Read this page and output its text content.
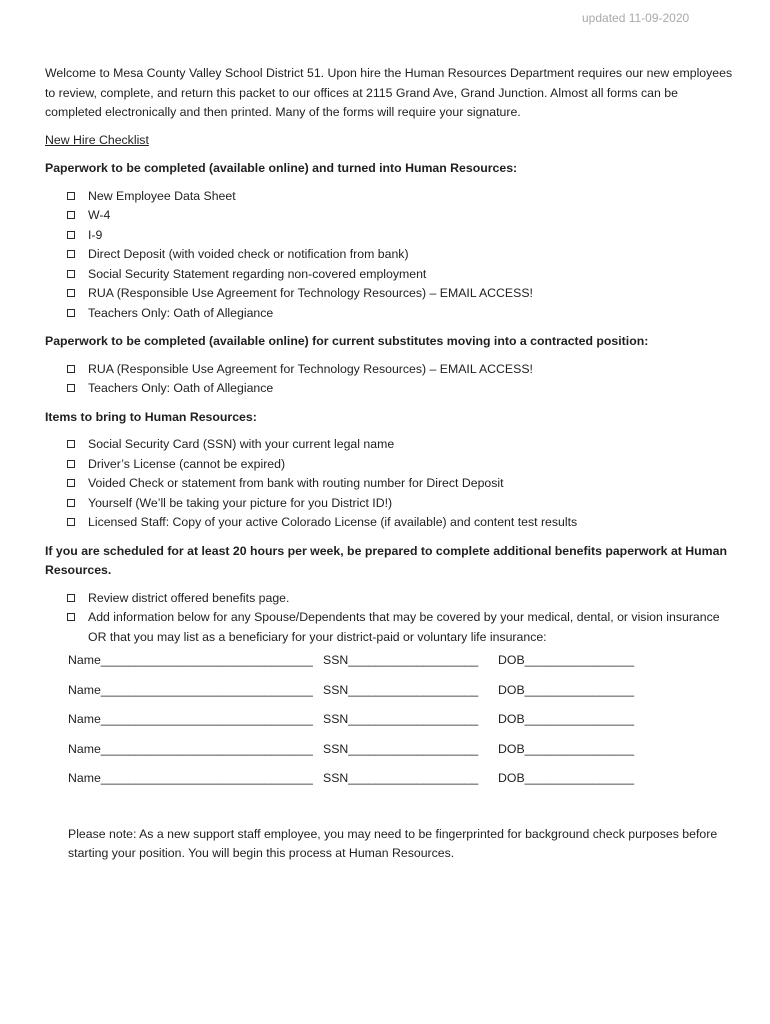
updated 11-09-2020

Welcome to Mesa County Valley School District 51. Upon hire the Human Resources Department requires our new employees to review, complete, and return this packet to our offices at 2115 Grand Ave, Grand Junction. Almost all forms can be completed electronically and then printed. Many of the forms will require your signature.

New Hire Checklist

Paperwork to be completed (available online) and turned into Human Resources:

New Employee Data Sheet
W-4
I-9
Direct Deposit (with voided check or notification from bank)
Social Security Statement regarding non-covered employment
RUA (Responsible Use Agreement for Technology Resources) – EMAIL ACCESS!
Teachers Only: Oath of Allegiance

Paperwork to be completed (available online) for current substitutes moving into a contracted position:

RUA (Responsible Use Agreement for Technology Resources) – EMAIL ACCESS!
Teachers Only: Oath of Allegiance

Items to bring to Human Resources:

Social Security Card (SSN) with your current legal name
Driver’s License (cannot be expired)
Voided Check or statement from bank with routing number for Direct Deposit
Yourself (We’ll be taking your picture for you District ID!)
Licensed Staff: Copy of your active Colorado License (if available) and content test results

If you are scheduled for at least 20 hours per week, be prepared to complete additional benefits paperwork at Human Resources.

Review district offered benefits page.
Add information below for any Spouse/Dependents that may be covered by your medical, dental, or vision insurance OR that you may list as a beneficiary for your district-paid or voluntary life insurance:
Name_______________________________ SSN___________________	DOB________________
Name_______________________________ SSN___________________	DOB________________
Name_______________________________ SSN___________________	DOB________________
Name_______________________________ SSN___________________	DOB________________
Name_______________________________ SSN___________________	DOB________________

Please note: As a new support staff employee, you may need to be fingerprinted for background check purposes before starting your position. You will begin this process at Human Resources.
